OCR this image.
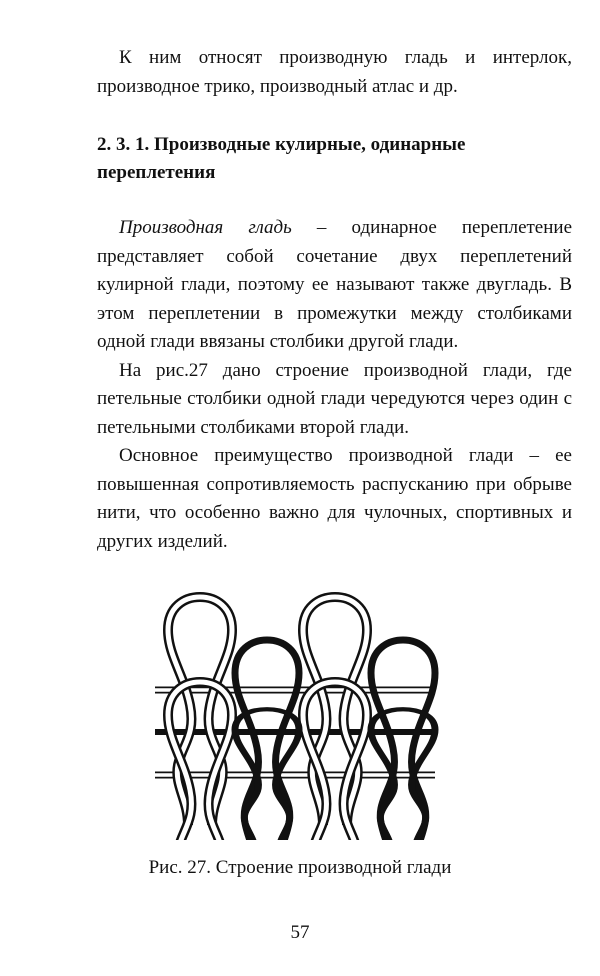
К ним относят производную гладь и интерлок, производное трико, производный атлас и др.

2. 3. 1. Производные кулирные, одинарные переплетения

Производная гладь – одинарное переплетение представляет собой сочетание двух переплетений кулирной глади, поэтому ее называют также двугладь. В этом переплетении в промежутки между столбиками одной глади ввязаны столбики другой глади.

На рис.27 дано строение производной глади, где петельные столбики одной глади чередуются через один с петельными столбиками второй глади.

Основное преимущество производной глади – ее повышенная сопротивляемость распусканию при обрыве нити, что особенно важно для чулочных, спортивных и других изделий.

Рис. 27. Строение производной глади
57
